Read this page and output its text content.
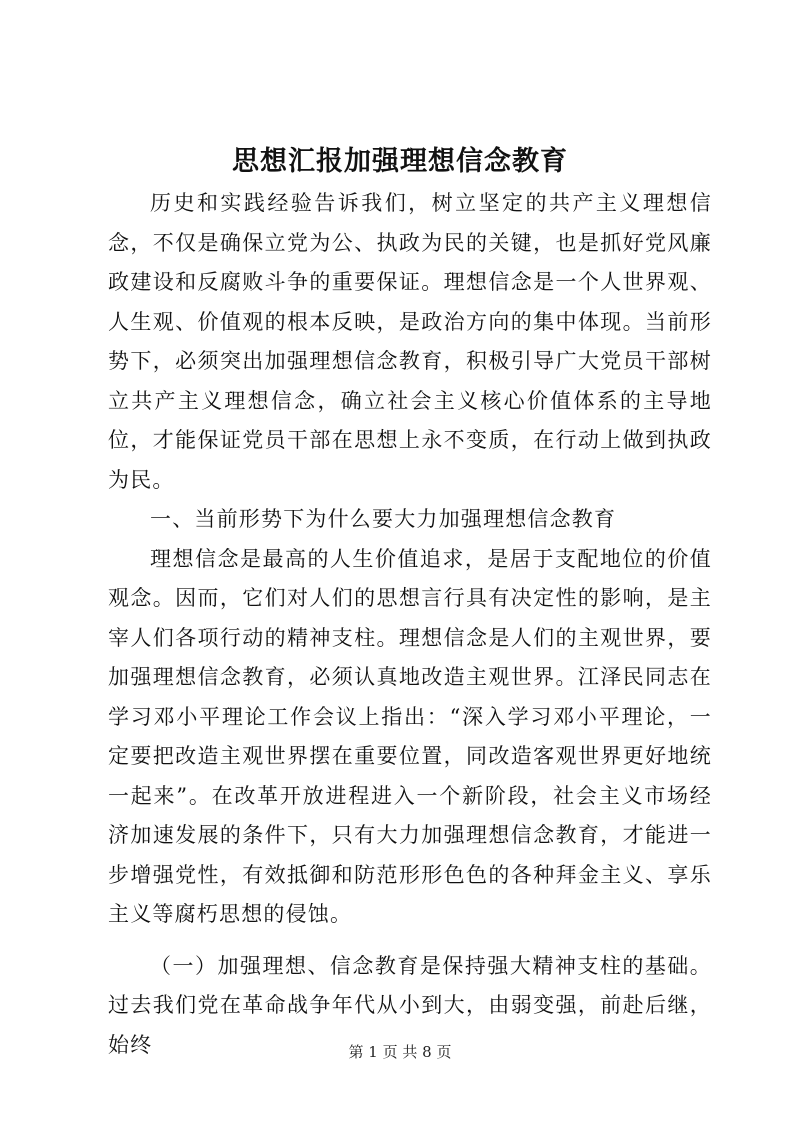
思想汇报加强理想信念教育

历史和实践经验告诉我们，树立坚定的共产主义理想信念，不仅是确保立党为公、执政为民的关键，也是抓好党风廉政建设和反腐败斗争的重要保证。理想信念是一个人世界观、人生观、价值观的根本反映，是政治方向的集中体现。当前形势下，必须突出加强理想信念教育，积极引导广大党员干部树立共产主义理想信念，确立社会主义核心价值体系的主导地位，才能保证党员干部在思想上永不变质，在行动上做到执政为民。

一、当前形势下为什么要大力加强理想信念教育

理想信念是最高的人生价值追求，是居于支配地位的价值观念。因而，它们对人们的思想言行具有决定性的影响，是主宰人们各项行动的精神支柱。理想信念是人们的主观世界，要加强理想信念教育，必须认真地改造主观世界。江泽民同志在学习邓小平理论工作会议上指出：“深入学习邓小平理论，一定要把改造主观世界摆在重要位置，同改造客观世界更好地统一起来”。在改革开放进程进入一个新阶段，社会主义市场经济加速发展的条件下，只有大力加强理想信念教育，才能进一步增强党性，有效抵御和防范形形色色的各种拜金主义、享乐主义等腐朽思想的侵蚀。

（一）加强理想、信念教育是保持强大精神支柱的基础。过去我们党在革命战争年代从小到大，由弱变强，前赴后继，始终	第 1 页 共 8 页
